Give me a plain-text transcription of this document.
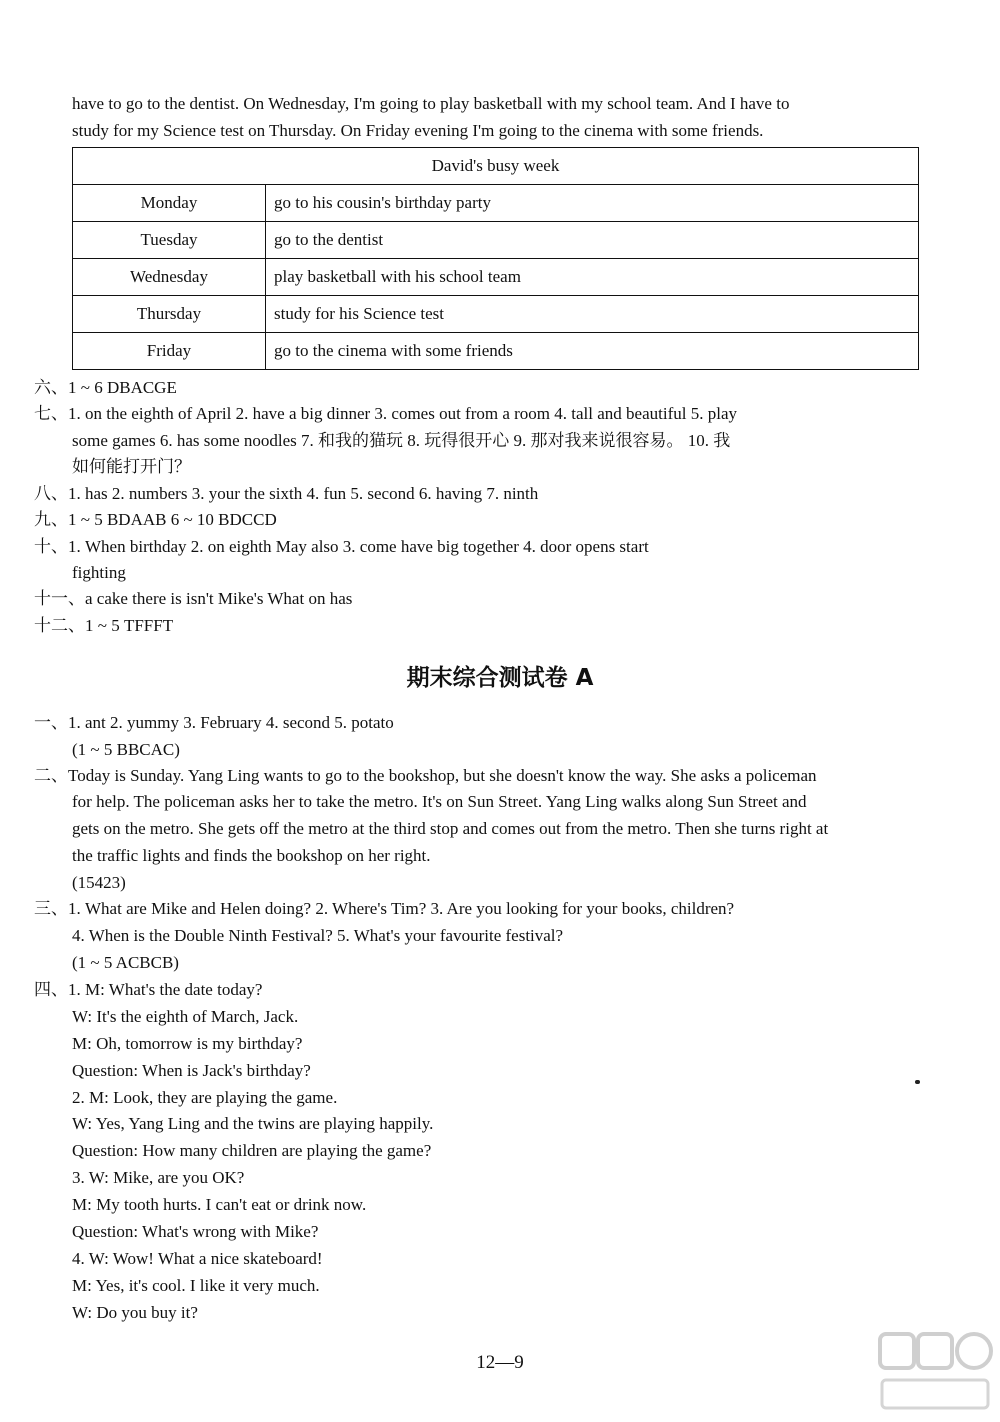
have to go to the dentist. On Wednesday, I'm going to play basketball with my school team. And I have to
study for my Science test on Thursday. On Friday evening I'm going to the cinema with some friends.
David's busy week	
Monday	go to his cousin's birthday party
Tuesday	go to the dentist
Wednesday	play basketball with his school team
Thursday	study for his Science test
Friday	go to the cinema with some friends
六、1 ~ 6 DBACGE
七、1. on the eighth of April 2. have a big dinner 3. comes out from a room 4. tall and beautiful 5. play
some games 6. has some noodles 7. 和我的猫玩 8. 玩得很开心 9. 那对我来说很容易。 10. 我
如何能打开门？
八、1. has 2. numbers 3. your the sixth 4. fun 5. second 6. having 7. ninth
九、1 ~ 5 BDAAB 6 ~ 10 BDCCD
十、1. When birthday 2. on eighth May also 3. come have big together 4. door opens start
fighting
十一、a cake there is isn't Mike's What on has
十二、1 ~ 5 TFFFT
期末综合测试卷 A
一、1. ant 2. yummy 3. February 4. second 5. potato
(1 ~ 5 BBCAC)
二、Today is Sunday. Yang Ling wants to go to the bookshop, but she doesn't know the way. She asks a policeman
for help. The policeman asks her to take the metro. It's on Sun Street. Yang Ling walks along Sun Street and
gets on the metro. She gets off the metro at the third stop and comes out from the metro. Then she turns right at
the traffic lights and finds the bookshop on her right.
(15423)
三、1. What are Mike and Helen doing? 2. Where's Tim? 3. Are you looking for your books, children?
4. When is the Double Ninth Festival? 5. What's your favourite festival?
(1 ~ 5 ACBCB)
四、1. M: What's the date today?
W: It's the eighth of March, Jack.
M: Oh, tomorrow is my birthday?
Question: When is Jack's birthday?
2. M: Look, they are playing the game.
W: Yes, Yang Ling and the twins are playing happily.
Question: How many children are playing the game?
3. W: Mike, are you OK?
M: My tooth hurts. I can't eat or drink now.
Question: What's wrong with Mike?
4. W: Wow! What a nice skateboard!
M: Yes, it's cool. I like it very much.
W: Do you buy it?
12—9
